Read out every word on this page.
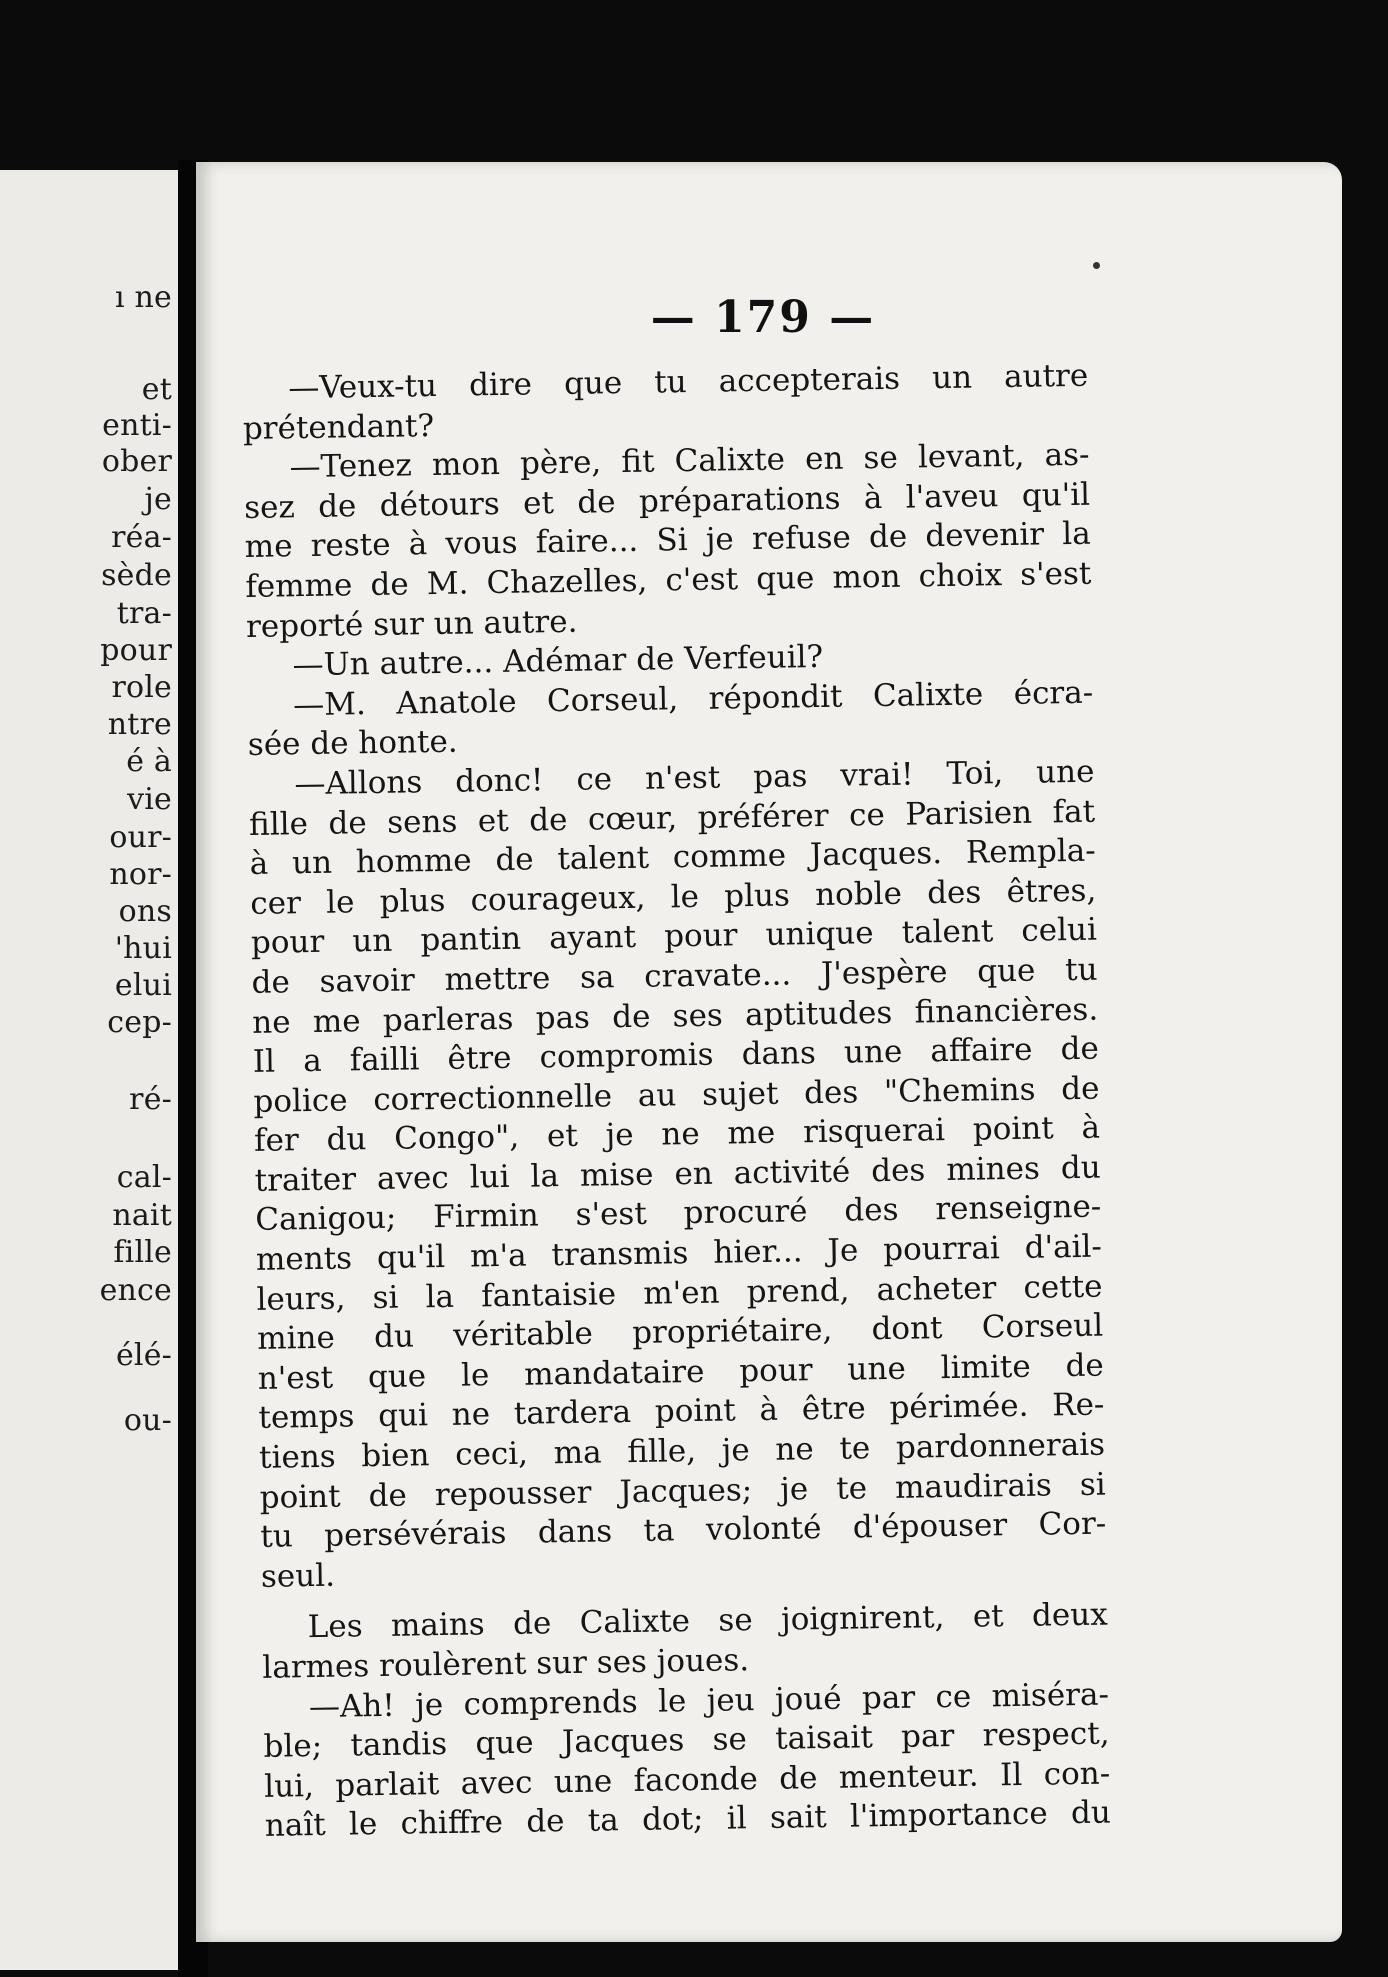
ı ne
et
enti-
ober
je
réa-
sède
tra-
pour
role
ntre
é à
vie
our-
nor-
ons
'hui
elui
cep-
ré-
cal-
nait
fille
ence
élé-
ou-
— 179 —
—Veux-tu dire que tu accepterais un autre
prétendant?
—Tenez mon père, fit Calixte en se levant, as-
sez de détours et de préparations à l'aveu qu'il
me reste à vous faire... Si je refuse de devenir la
femme de M. Chazelles, c'est que mon choix s'est
reporté sur un autre.
—Un autre... Adémar de Verfeuil?
—M. Anatole Corseul, répondit Calixte écra-
sée de honte.
—Allons donc! ce n'est pas vrai! Toi, une
fille de sens et de cœur, préférer ce Parisien fat
à un homme de talent comme Jacques. Rempla-
cer le plus courageux, le plus noble des êtres,
pour un pantin ayant pour unique talent celui
de savoir mettre sa cravate... J'espère que tu
ne me parleras pas de ses aptitudes financières.
Il a failli être compromis dans une affaire de
police correctionnelle au sujet des "Chemins de
fer du Congo", et je ne me risquerai point à
traiter avec lui la mise en activité des mines du
Canigou; Firmin s'est procuré des renseigne-
ments qu'il m'a transmis hier... Je pourrai d'ail-
leurs, si la fantaisie m'en prend, acheter cette
mine du véritable propriétaire, dont Corseul
n'est que le mandataire pour une limite de
temps qui ne tardera point à être périmée. Re-
tiens bien ceci, ma fille, je ne te pardonnerais
point de repousser Jacques; je te maudirais si
tu persévérais dans ta volonté d'épouser Cor-
seul.
Les mains de Calixte se joignirent, et deux
larmes roulèrent sur ses joues.
—Ah! je comprends le jeu joué par ce miséra-
ble; tandis que Jacques se taisait par respect,
lui, parlait avec une faconde de menteur. Il con-
naît le chiffre de ta dot; il sait l'importance du
